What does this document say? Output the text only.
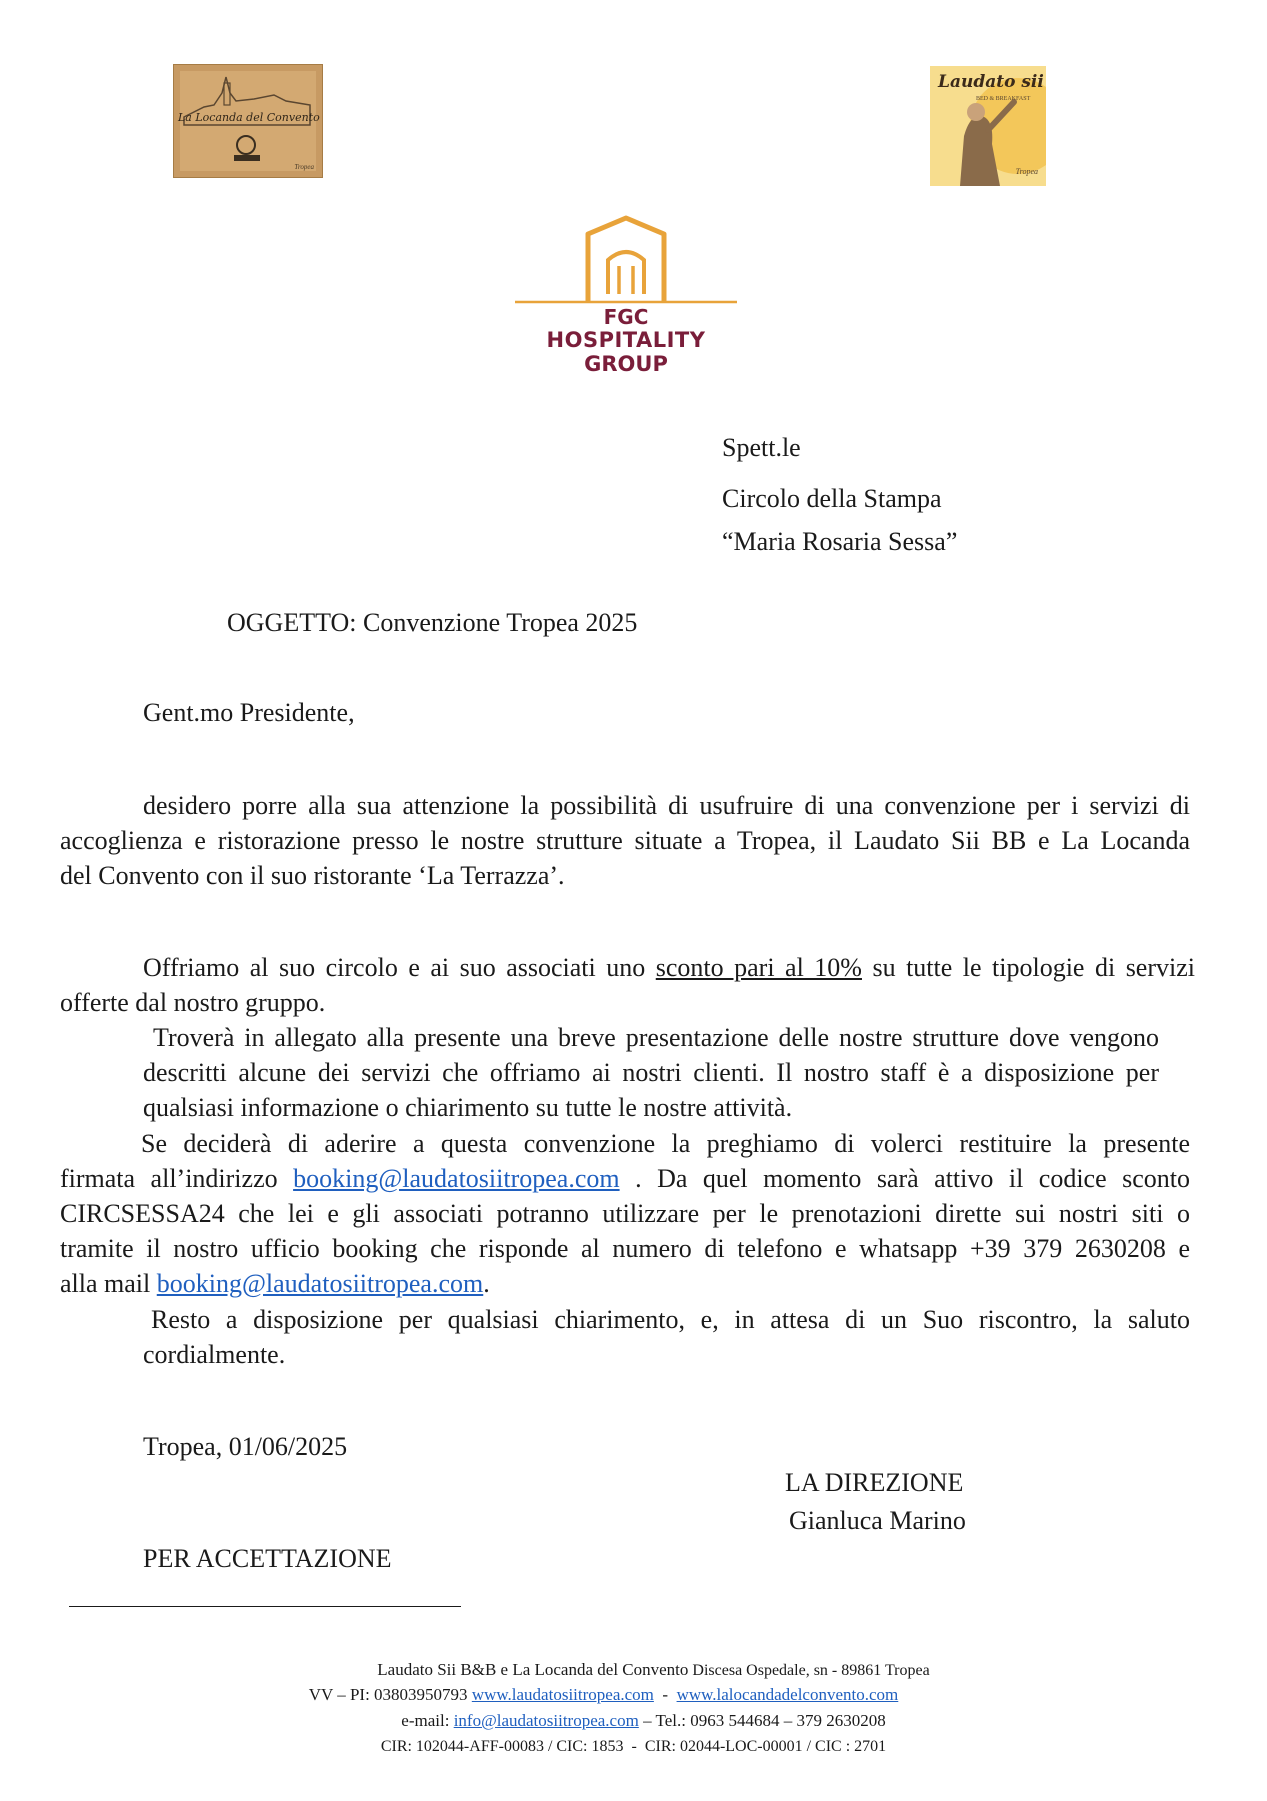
La Locanda del Convento
Tropea
Laudato sii
BED & BREAKFAST
Tropea
FGC
HOSPITALITY
GROUP
Spett.le
Circolo della Stampa
“Maria Rosaria Sessa”
OGGETTO: Convenzione Tropea 2025
Gent.mo Presidente,
desidero porre alla sua attenzione la possibilità di usufruire di una convenzione per i servizi di
accoglienza e ristorazione presso le nostre strutture situate a Tropea, il Laudato Sii BB e La Locanda
del Convento con il suo ristorante ‘La Terrazza’.
Offriamo al suo circolo e ai suo associati uno sconto pari al 10% su tutte le tipologie di servizi
offerte dal nostro gruppo.
Troverà in allegato alla presente una breve presentazione delle nostre strutture dove vengono
descritti alcune dei servizi che offriamo ai nostri clienti. Il nostro staff è a disposizione per
qualsiasi informazione o chiarimento su tutte le nostre attività.
Se deciderà di aderire a questa convenzione la preghiamo di volerci restituire la presente
firmata all’indirizzo booking@laudatosiitropea.com . Da quel momento sarà attivo il codice sconto
CIRCSESSA24 che lei e gli associati potranno utilizzare per le prenotazioni dirette sui nostri siti o
tramite il nostro ufficio booking che risponde al numero di telefono e whatsapp +39 379 2630208 e
alla mail booking@laudatosiitropea.com.
Resto a disposizione per qualsiasi chiarimento, e, in attesa di un Suo riscontro, la saluto
cordialmente.
Tropea, 01/06/2025
LA DIREZIONE
Gianluca Marino
PER ACCETTAZIONE
Laudato Sii B&B e La Locanda del Convento Discesa Ospedale, sn - 89861 Tropea
VV – PI: 03803950793 www.laudatosiitropea.com  -  www.lalocandadelconvento.com
e-mail: info@laudatosiitropea.com – Tel.: 0963 544684 – 379 2630208
CIR: 102044-AFF-00083 / CIC: 1853  -  CIR: 02044-LOC-00001 / CIC : 2701
